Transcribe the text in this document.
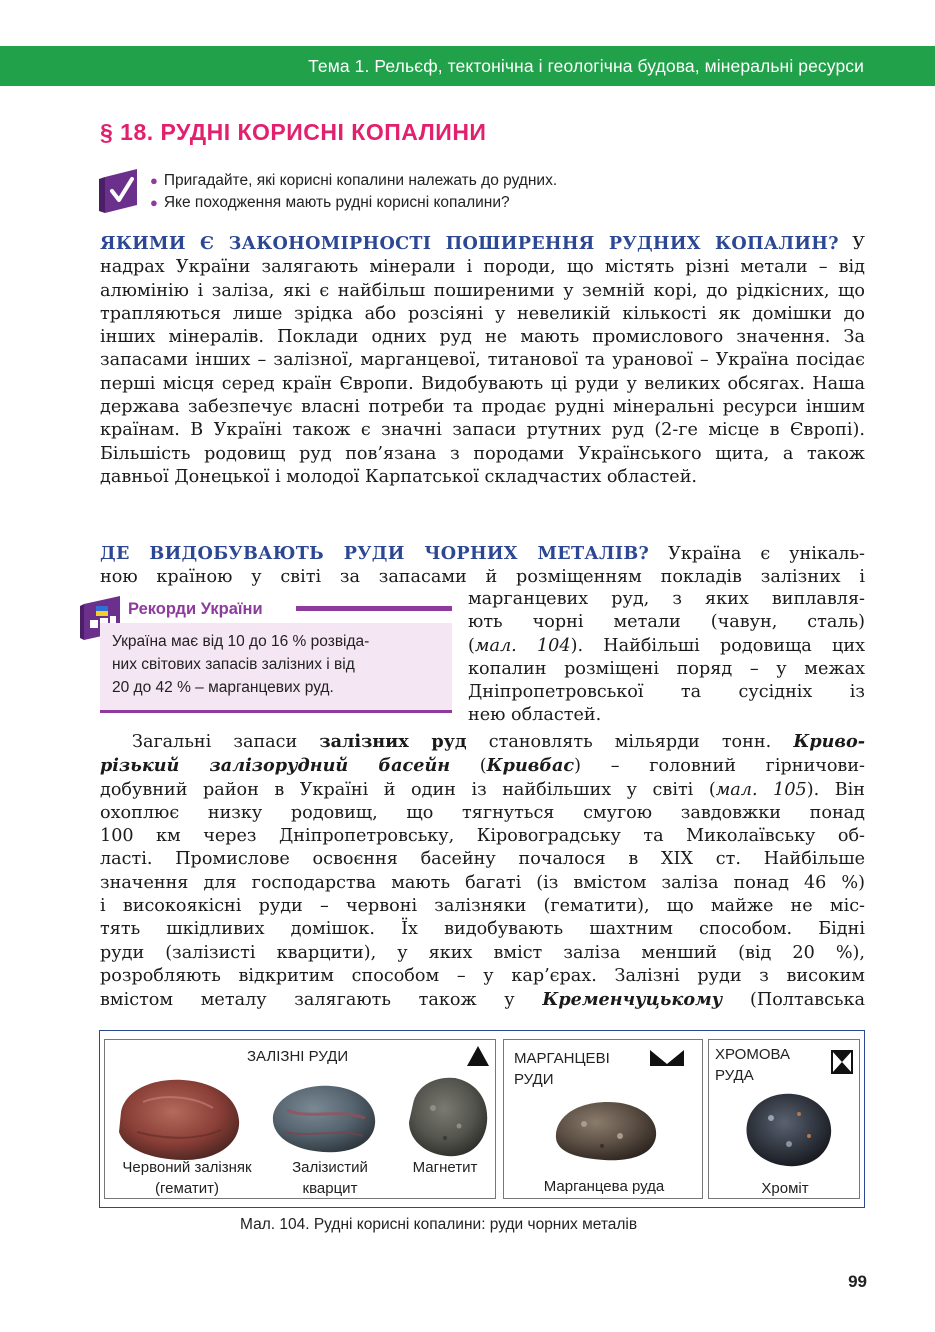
Тема 1. Рельєф, тектонічна і геологічна будова, мінеральні ресурси
§ 18. РУДНІ КОРИСНІ КОПАЛИНИ
● Пригадайте, які корисні копалини належать до рудних.
● Яке походження мають рудні корисні копалини?

ЯКИМИ Є ЗАКОНОМІРНОСТІ ПОШИРЕННЯ РУДНИХ КОПАЛИН? У надрах України залягають мінерали і породи, що містять різні метали – від алюмінію і заліза, які є найбільш поширеними у земній корі, до рідкісних, що трапляються лише зрідка або розсіяні у невеликій кількості як домішки до інших мінералів. Поклади одних руд не мають промислового значення. За запасами інших – залізної, марганцевої, титанової та уранової – Україна посідає перші місця серед країн Європи. Видобувають ці руди у великих обсягах. Наша держава забезпечує власні потреби та продає рудні мінеральні ресурси іншим країнам. В Україні також є значні запаси ртутних руд (2-ге місце в Європі). Більшість родовищ руд пов’язана з породами Українського щита, а також давньої Донецької і молодої Карпатської складчастих областей.

ДЕ ВИДОБУВАЮТЬ РУДИ ЧОРНИХ МЕТАЛІВ? Україна є унікаль-
ною країною у світі за запасами й розміщенням покладів залізних і
марганцевих руд, з яких виплавля-
ють чорні метали (чавун, сталь)
(мал. 104). Найбільші родовища цих
копалин розміщені поряд – у межах
Дніпропетровської та сусідніх із
нею областей.
Рекорди України
Україна має від 10 до 16 % розвіда-
них світових запасів залізних і від
20 до 42 % – марганцевих руд.
Загальні запаси залізних руд становлять мільярди тонн. Криво-
різький залізорудний басейн (Кривбас) – головний гірничови-
добувний район в Україні й один із найбільших у світі (мал. 105). Він
охоплює низку родовищ, що тягнуться смугою завдовжки понад
100 км через Дніпропетровську, Кіровоградську та Миколаївську об-
ласті. Промислове освоєння басейну почалося в XIX ст. Найбільше
значення для господарства мають багаті (із вмістом заліза понад 46 %)
і високоякісні руди – червоні залізняки (гематити), що майже не міс-
тять шкідливих домішок. Їх видобувають шахтним способом. Бідні
руди (залізисті кварцити), у яких вміст заліза менший (від 20 %),
розробляють відкритим способом – у кар’єрах. Залізні руди з високим
вмістом металу залягають також у Кременчуцькому (Полтавська
ЗАЛІЗНІ РУДИ
Червоний залізняк
(гематит)
Залізистий
кварцит
Магнетит
МАРГАНЦЕВІ
РУДИ
Марганцева руда
ХРОМОВА
РУДА
Хроміт
Мал. 104. Рудні корисні копалини: руди чорних металів
99
